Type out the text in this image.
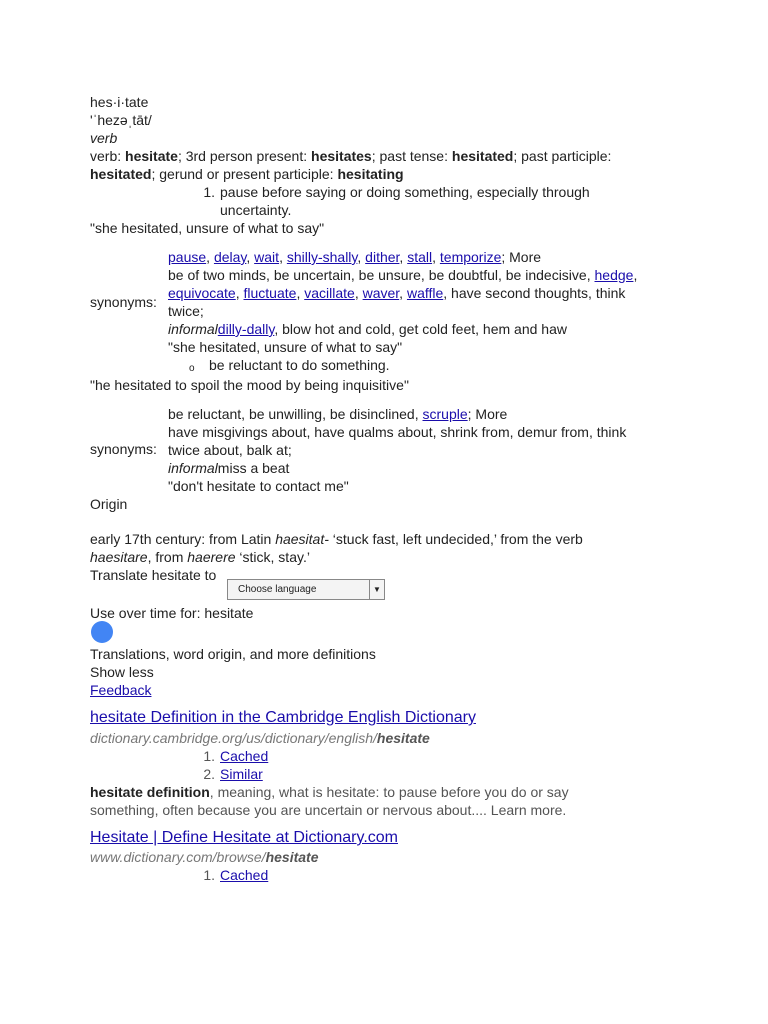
hes·i·tate
'ˈhezəˌtāt/
verb
verb: hesitate; 3rd person present: hesitates; past tense: hesitated; past participle:
hesitated; gerund or present participle: hesitating
1. pause before saying or doing something, especially through
uncertainty.
"she hesitated, unsure of what to say"
synonyms:
pause, delay, wait, shilly-shally, dither, stall, temporize; More
be of two minds, be uncertain, be unsure, be doubtful, be indecisive, hedge,
equivocate, fluctuate, vacillate, waver, waffle, have second thoughts, think
twice;
informaldilly-dally, blow hot and cold, get cold feet, hem and haw
"she hesitated, unsure of what to say"
o be reluctant to do something.
"he hesitated to spoil the mood by being inquisitive"
synonyms:
be reluctant, be unwilling, be disinclined, scruple; More
have misgivings about, have qualms about, shrink from, demur from, think
twice about, balk at;
informalmiss a beat
"don't hesitate to contact me"
Origin
early 17th century: from Latin haesitat- ‘stuck fast, left undecided,’ from the verb
haesitare, from haerere ‘stick, stay.’
Translate hesitate to
Choose language	▼
Use over time for: hesitate
Translations, word origin, and more definitions
Show less
Feedback
hesitate Definition in the Cambridge English Dictionary
dictionary.cambridge.org/us/dictionary/english/hesitate
1. Cached
2. Similar
hesitate definition, meaning, what is hesitate: to pause before you do or say
something, often because you are uncertain or nervous about.... Learn more.
Hesitate | Define Hesitate at Dictionary.com
www.dictionary.com/browse/hesitate
1. Cached
